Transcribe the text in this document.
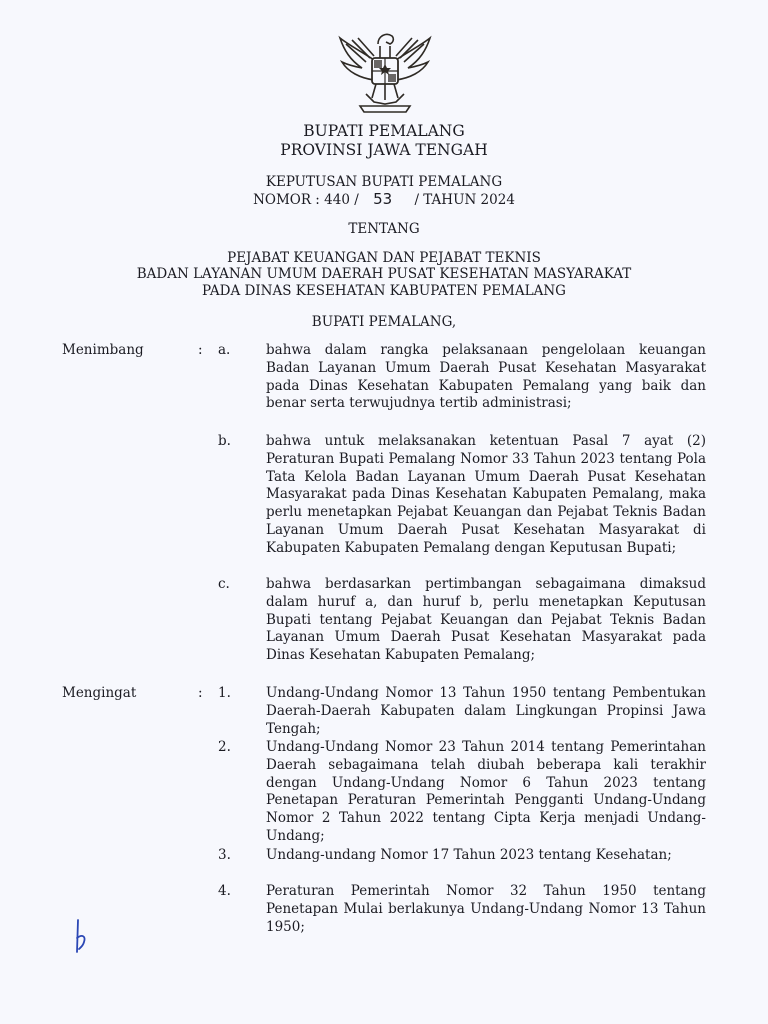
BUPATI PEMALANG
PROVINSI JAWA TENGAH
KEPUTUSAN BUPATI PEMALANG
NOMOR : 440 / 53 / TAHUN 2024
TENTANG
PEJABAT KEUANGAN DAN PEJABAT TEKNIS
BADAN LAYANAN UMUM DAERAH PUSAT KESEHATAN MASYARAKAT
PADA DINAS KESEHATAN KABUPATEN PEMALANG
BUPATI PEMALANG,
Menimbang	: a.	bahwa dalam rangka pelaksanaan pengelolaan keuangan Badan Layanan Umum Daerah Pusat Kesehatan Masyarakat pada Dinas Kesehatan Kabupaten Pemalang yang baik dan benar serta terwujudnya tertib administrasi;
b.	bahwa untuk melaksanakan ketentuan Pasal 7 ayat (2) Peraturan Bupati Pemalang Nomor 33 Tahun 2023 tentang Pola Tata Kelola Badan Layanan Umum Daerah Pusat Kesehatan Masyarakat pada Dinas Kesehatan Kabupaten Pemalang, maka perlu menetapkan Pejabat Keuangan dan Pejabat Teknis Badan Layanan Umum Daerah Pusat Kesehatan Masyarakat di Kabupaten Kabupaten Pemalang dengan Keputusan Bupati;
c.	bahwa berdasarkan pertimbangan sebagaimana dimaksud dalam huruf a, dan huruf b, perlu menetapkan Keputusan Bupati tentang Pejabat Keuangan dan Pejabat Teknis Badan Layanan Umum Daerah Pusat Kesehatan Masyarakat pada Dinas Kesehatan Kabupaten Pemalang;
Mengingat	: 1.	Undang-Undang Nomor 13 Tahun 1950 tentang Pembentukan Daerah-Daerah Kabupaten dalam Lingkungan Propinsi Jawa Tengah;
2.	Undang-Undang Nomor 23 Tahun 2014 tentang Pemerintahan Daerah sebagaimana telah diubah beberapa kali terakhir dengan Undang-Undang Nomor 6 Tahun 2023 tentang Penetapan Peraturan Pemerintah Pengganti Undang-Undang Nomor 2 Tahun 2022 tentang Cipta Kerja menjadi Undang-Undang;
3.	Undang-undang Nomor 17 Tahun 2023 tentang Kesehatan;
4.	Peraturan Pemerintah Nomor 32 Tahun 1950 tentang Penetapan Mulai berlakunya Undang-Undang Nomor 13 Tahun 1950;
